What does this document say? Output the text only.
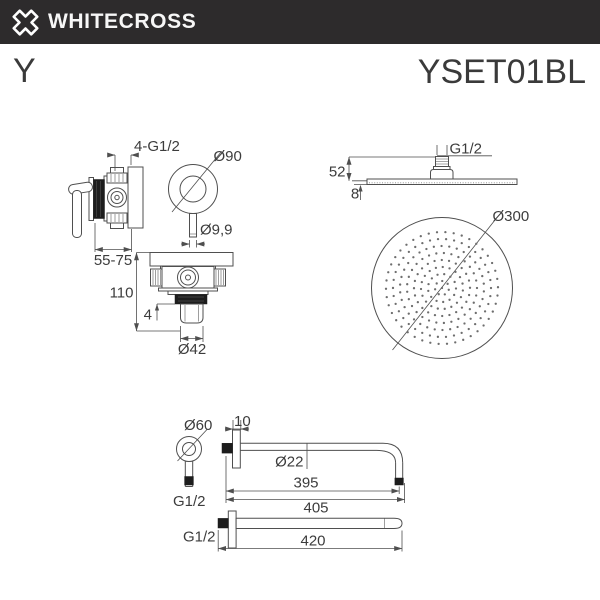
WHITECROSS
Y	YSET01BL
4-G1/2
55-75
Ø90
Ø9,9
110
4
Ø42
G1/2
52
8
Ø300
Ø60
G1/2
10
Ø22
395
405
G1/2	420
